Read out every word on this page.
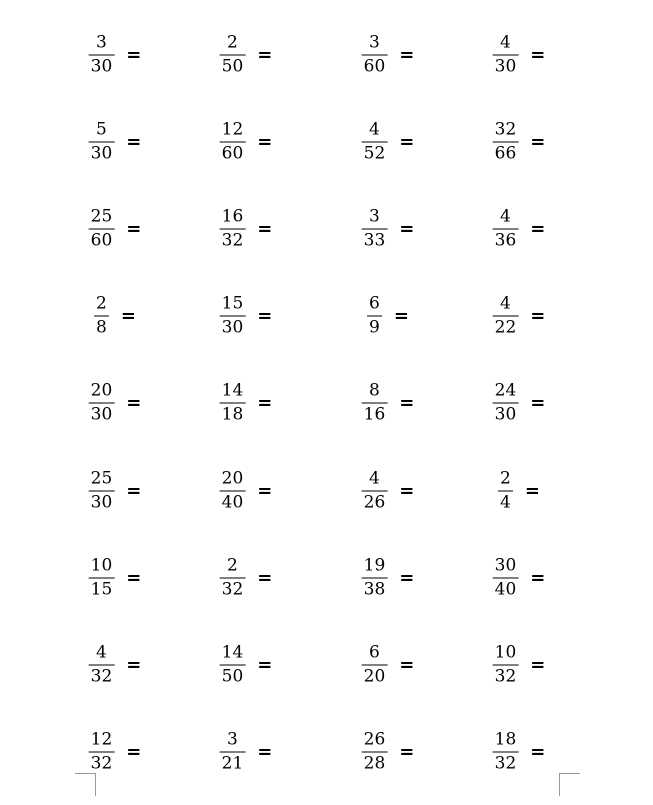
$\frac{3}{30}$ =	$\frac{2}{50}$ =	$\frac{3}{60}$ =	$\frac{4}{30}$ =
$\frac{5}{30}$ =	$\frac{12}{60}$ =	$\frac{4}{52}$ =	$\frac{32}{66}$ =
$\frac{25}{60}$ =	$\frac{16}{32}$ =	$\frac{3}{33}$ =	$\frac{4}{36}$ =
$\frac{2}{8}$ =	$\frac{15}{30}$ =	$\frac{6}{9}$ =	$\frac{4}{22}$ =
$\frac{20}{30}$ =	$\frac{14}{18}$ =	$\frac{8}{16}$ =	$\frac{24}{30}$ =
$\frac{25}{30}$ =	$\frac{20}{40}$ =	$\frac{4}{26}$ =	$\frac{2}{4}$ =
$\frac{10}{15}$ =	$\frac{2}{32}$ =	$\frac{19}{38}$ =	$\frac{30}{40}$ =
$\frac{4}{32}$ =	$\frac{14}{50}$ =	$\frac{6}{20}$ =	$\frac{10}{32}$ =
$\frac{12}{32}$ =	$\frac{3}{21}$ =	$\frac{26}{28}$ =	$\frac{18}{32}$ =
